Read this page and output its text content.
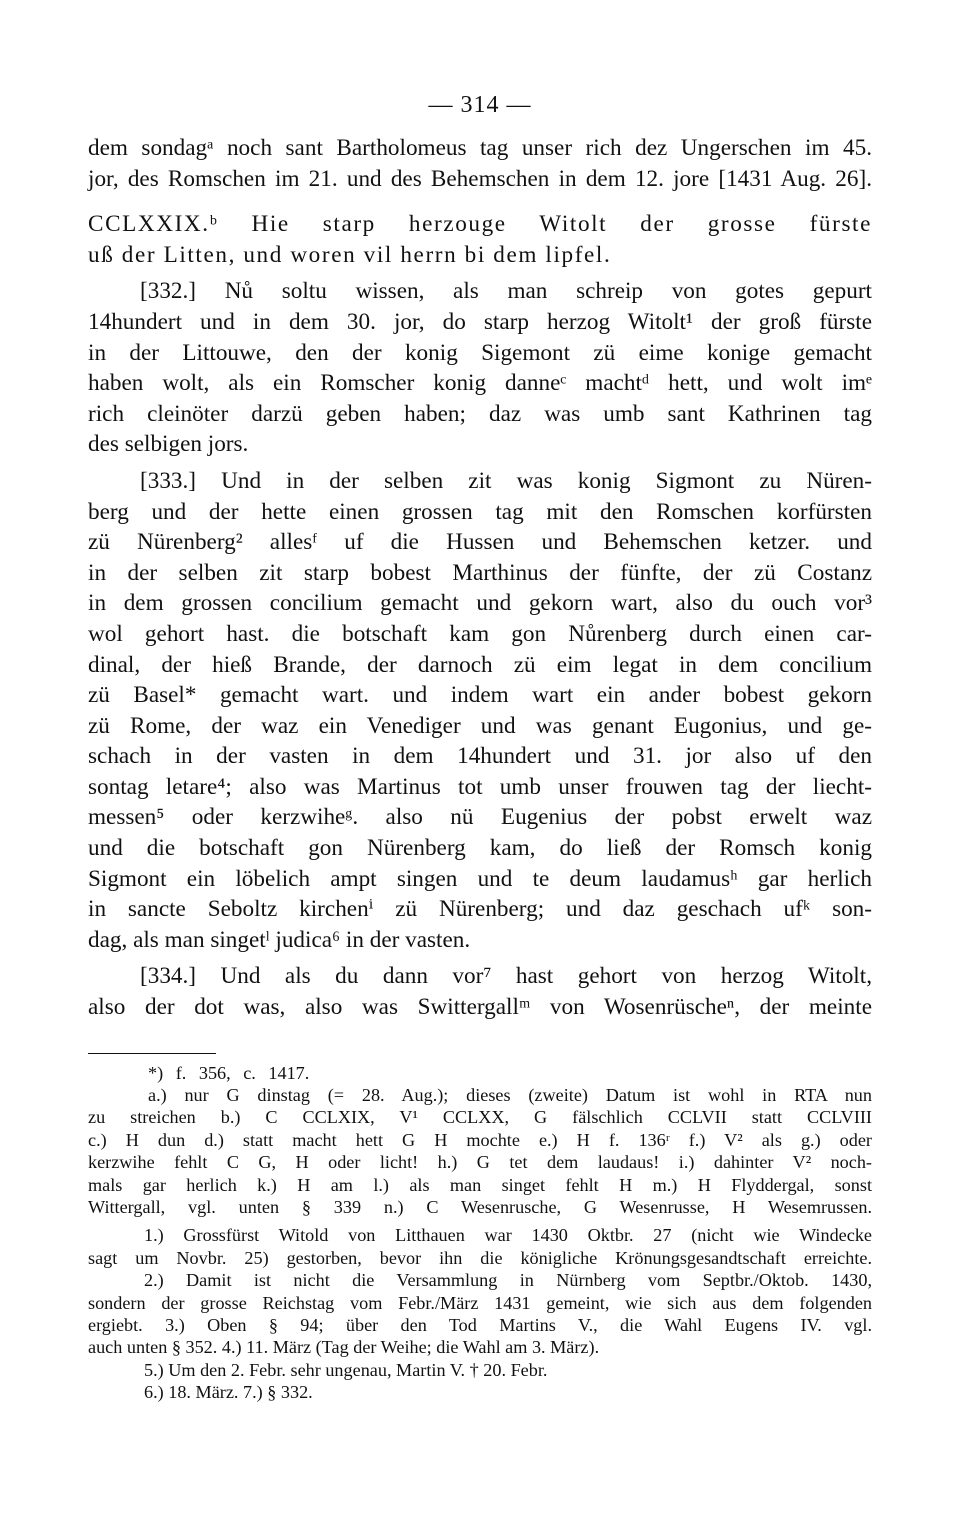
— 314 —
dem sondagᵃ noch sant Bartholomeus tag unser rich dez Ungerschen im 45.
jor, des Romschen im 21. und des Behemschen in dem 12. jore [1431 Aug. 26].
CCLXXIX.ᵇ Hie starp herzouge Witolt der grosse fürste
uß der Litten, und woren vil herrn bi dem lipfel.
[332.] Nů soltu wissen, als man schreip von gotes gepurt
14hundert und in dem 30. jor, do starp herzog Witolt¹ der groß fürste
in der Littouwe, den der konig Sigemont zü eime konige gemacht
haben wolt, als ein Romscher konig danneᶜ machtᵈ hett, und wolt imᵉ
rich cleinöter darzü geben haben; daz was umb sant Kathrinen tag
des selbigen jors.
[333.] Und in der selben zit was konig Sigmont zu Nüren-
berg und der hette einen grossen tag mit den Romschen korfürsten
zü Nürenberg² allesᶠ uf die Hussen und Behemschen ketzer. und
in der selben zit starp bobest Marthinus der fünfte, der zü Costanz
in dem grossen concilium gemacht und gekorn wart, also du ouch vor³
wol gehort hast. die botschaft kam gon Nůrenberg durch einen car-
dinal, der hieß Brande, der darnoch zü eim legat in dem concilium
zü Basel* gemacht wart. und indem wart ein ander bobest gekorn
zü Rome, der waz ein Venediger und was genant Eugonius, und ge-
schach in der vasten in dem 14hundert und 31. jor also uf den
sontag letare⁴; also was Martinus tot umb unser frouwen tag der liecht-
messen⁵ oder kerzwiheᵍ. also nü Eugenius der pobst erwelt waz
und die botschaft gon Nürenberg kam, do ließ der Romsch konig
Sigmont ein löbelich ampt singen und te deum laudamusʰ gar herlich
in sancte Seboltz kirchenⁱ zü Nürenberg; und daz geschach ufᵏ son-
dag, als man singetˡ judica⁶ in der vasten.
[334.] Und als du dann vor⁷ hast gehort von herzog Witolt,
also der dot was, also was Swittergallᵐ von Wosenrüscheⁿ, der meinte
*) f. 356, c. 1417.
a.) nur G dinstag (= 28. Aug.); dieses (zweite) Datum ist wohl in RTA nun
zu streichen b.) C CCLXIX, V¹ CCLXX, G fälschlich CCLVII statt CCLVIII
c.) H dun d.) statt macht hett G H mochte e.) H f. 136ʳ f.) V² als g.) oder
kerzwihe fehlt C G, H oder licht! h.) G tet dem laudaus! i.) dahinter V² noch-
mals gar herlich k.) H am l.) als man singet fehlt H m.) H Flyddergal, sonst
Wittergall, vgl. unten § 339 n.) C Wesenrusche, G Wesenrusse, H Wesemrussen.
1.) Grossfürst Witold von Litthauen war 1430 Oktbr. 27 (nicht wie Windecke
sagt um Novbr. 25) gestorben, bevor ihn die königliche Krönungsgesandtschaft erreichte.
2.) Damit ist nicht die Versammlung in Nürnberg vom Septbr./Oktob. 1430,
sondern der grosse Reichstag vom Febr./März 1431 gemeint, wie sich aus dem folgenden
ergiebt. 3.) Oben § 94; über den Tod Martins V., die Wahl Eugens IV. vgl.
auch unten § 352. 4.) 11. März (Tag der Weihe; die Wahl am 3. März).
5.) Um den 2. Febr. sehr ungenau, Martin V. † 20. Febr.
6.) 18. März. 7.) § 332.
